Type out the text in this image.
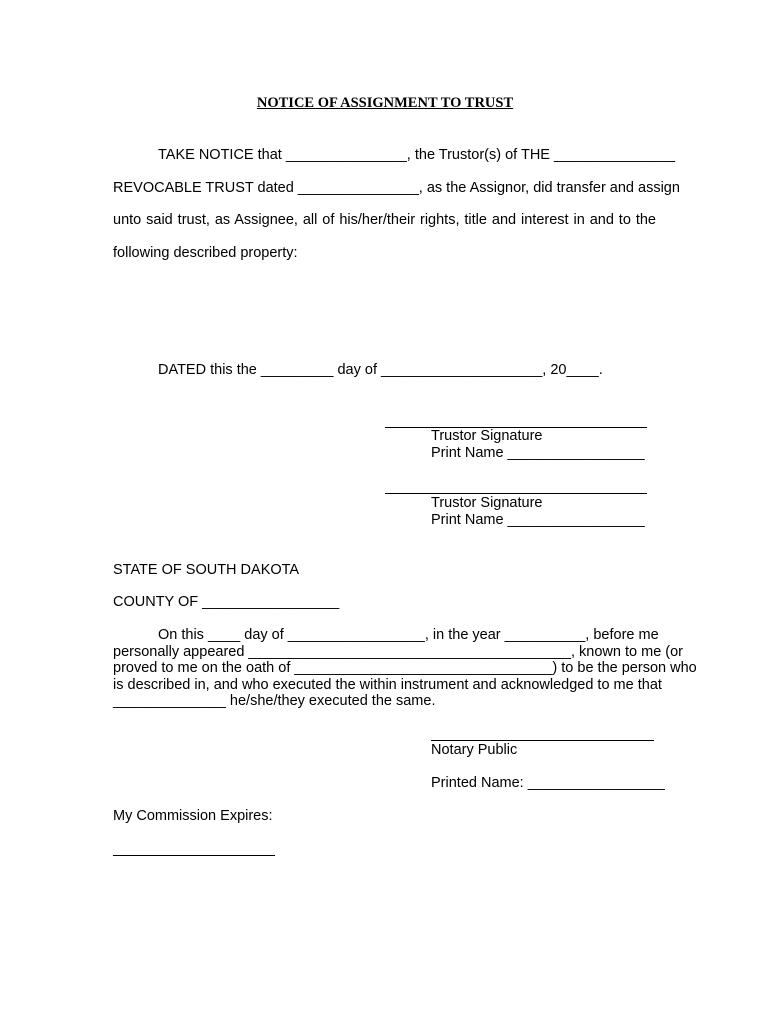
NOTICE OF ASSIGNMENT TO TRUST
TAKE NOTICE that _______________, the Trustor(s) of THE _______________
REVOCABLE TRUST dated _______________, as the Assignor, did transfer and assign
unto said trust, as Assignee, all of his/her/their rights, title and interest in and to the
following described property:
DATED this the _________ day of ____________________, 20____.
Trustor Signature
Print Name _________________
Trustor Signature
Print Name _________________
STATE OF SOUTH DAKOTA
COUNTY OF _________________
On this ____ day of _________________, in the year __________, before me
personally appeared ________________________________________, known to me (or
proved to me on the oath of ________________________________) to be the person who
is described in, and who executed the within instrument and acknowledged to me that
______________ he/she/they executed the same.
Notary Public
Printed Name: _________________
My Commission Expires:
